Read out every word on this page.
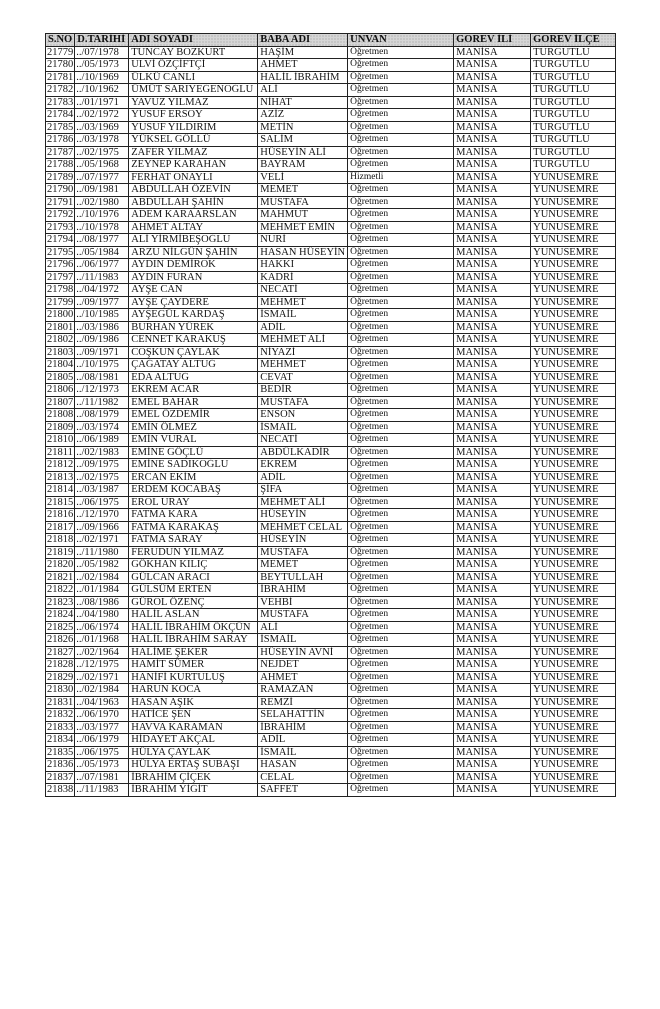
S.NO	D.TARİHİ	ADI SOYADI	BABA ADI	UNVAN	GOREV İLİ	GOREV İLÇE
21779	../07/1978	TUNCAY BOZKURT	HAŞİM	Öğretmen	MANİSA	TURGUTLU
21780	../05/1973	ULVİ ÖZÇİFTÇİ	AHMET	Öğretmen	MANİSA	TURGUTLU
21781	../10/1969	ÜLKÜ CANLI	HALİL İBRAHİM	Öğretmen	MANİSA	TURGUTLU
21782	../10/1962	ÜMÜT SARIYEĞENOĞLU	ALİ	Öğretmen	MANİSA	TURGUTLU
21783	../01/1971	YAVUZ YILMAZ	NİHAT	Öğretmen	MANİSA	TURGUTLU
21784	../02/1972	YUSUF ERSOY	AZİZ	Öğretmen	MANİSA	TURGUTLU
21785	../03/1969	YUSUF YILDIRIM	METİN	Öğretmen	MANİSA	TURGUTLU
21786	../03/1978	YÜKSEL GÖLLÜ	SALİM	Öğretmen	MANİSA	TURGUTLU
21787	../02/1975	ZAFER YILMAZ	HÜSEYİN ALİ	Öğretmen	MANİSA	TURGUTLU
21788	../05/1968	ZEYNEP KARAHAN	BAYRAM	Öğretmen	MANİSA	TURGUTLU
21789	../07/1977	FERHAT ONAYLI	VELİ	Hizmetli	MANİSA	YUNUSEMRE
21790	../09/1981	ABDULLAH ÖZEVİN	MEMET	Öğretmen	MANİSA	YUNUSEMRE
21791	../02/1980	ABDULLAH ŞAHİN	MUSTAFA	Öğretmen	MANİSA	YUNUSEMRE
21792	../10/1976	ADEM KARAARSLAN	MAHMUT	Öğretmen	MANİSA	YUNUSEMRE
21793	../10/1978	AHMET ALTAY	MEHMET EMİN	Öğretmen	MANİSA	YUNUSEMRE
21794	../08/1977	ALİ YİRMİBEŞOĞLU	NURİ	Öğretmen	MANİSA	YUNUSEMRE
21795	../05/1984	ARZU NİLGÜN ŞAHİN	HASAN HÜSEYİN	Öğretmen	MANİSA	YUNUSEMRE
21796	../06/1977	AYDIN DEMİROK	HAKKI	Öğretmen	MANİSA	YUNUSEMRE
21797	../11/1983	AYDIN FURAN	KADRİ	Öğretmen	MANİSA	YUNUSEMRE
21798	../04/1972	AYŞE CAN	NECATİ	Öğretmen	MANİSA	YUNUSEMRE
21799	../09/1977	AYŞE ÇAYDERE	MEHMET	Öğretmen	MANİSA	YUNUSEMRE
21800	../10/1985	AYŞEGÜL KARDAŞ	İSMAİL	Öğretmen	MANİSA	YUNUSEMRE
21801	../03/1986	BURHAN YÜREK	ADİL	Öğretmen	MANİSA	YUNUSEMRE
21802	../09/1986	CENNET KARAKUŞ	MEHMET ALİ	Öğretmen	MANİSA	YUNUSEMRE
21803	../09/1971	COŞKUN ÇAYLAK	NİYAZİ	Öğretmen	MANİSA	YUNUSEMRE
21804	../10/1975	ÇAĞATAY ALTUĞ	MEHMET	Öğretmen	MANİSA	YUNUSEMRE
21805	../08/1981	EDA ALTUĞ	CEVAT	Öğretmen	MANİSA	YUNUSEMRE
21806	../12/1973	EKREM ACAR	BEDİR	Öğretmen	MANİSA	YUNUSEMRE
21807	../11/1982	EMEL BAHAR	MUSTAFA	Öğretmen	MANİSA	YUNUSEMRE
21808	../08/1979	EMEL ÖZDEMİR	ENSON	Öğretmen	MANİSA	YUNUSEMRE
21809	../03/1974	EMİN ÖLMEZ	İSMAİL	Öğretmen	MANİSA	YUNUSEMRE
21810	../06/1989	EMİN VURAL	NECATİ	Öğretmen	MANİSA	YUNUSEMRE
21811	../02/1983	EMİNE GÖÇLÜ	ABDÜLKADİR	Öğretmen	MANİSA	YUNUSEMRE
21812	../09/1975	EMİNE SADIKOĞLU	EKREM	Öğretmen	MANİSA	YUNUSEMRE
21813	../02/1975	ERCAN EKİM	ADİL	Öğretmen	MANİSA	YUNUSEMRE
21814	../03/1987	ERDEM KOCABAŞ	ŞİFA	Öğretmen	MANİSA	YUNUSEMRE
21815	../06/1975	EROL URAY	MEHMET ALİ	Öğretmen	MANİSA	YUNUSEMRE
21816	../12/1970	FATMA KARA	HÜSEYİN	Öğretmen	MANİSA	YUNUSEMRE
21817	../09/1966	FATMA KARAKAŞ	MEHMET CELAL	Öğretmen	MANİSA	YUNUSEMRE
21818	../02/1971	FATMA SARAY	HÜSEYİN	Öğretmen	MANİSA	YUNUSEMRE
21819	../11/1980	FERUDUN YILMAZ	MUSTAFA	Öğretmen	MANİSA	YUNUSEMRE
21820	../05/1982	GÖKHAN KILIÇ	MEMET	Öğretmen	MANİSA	YUNUSEMRE
21821	../02/1984	GÜLCAN ARACI	BEYTULLAH	Öğretmen	MANİSA	YUNUSEMRE
21822	../01/1984	GÜLSÜM ERTEN	İBRAHİM	Öğretmen	MANİSA	YUNUSEMRE
21823	../08/1986	GÜROL ÖZENÇ	VEHBİ	Öğretmen	MANİSA	YUNUSEMRE
21824	../04/1980	HALİL ASLAN	MUSTAFA	Öğretmen	MANİSA	YUNUSEMRE
21825	../06/1974	HALİL İBRAHİM ÖKÇÜN	ALİ	Öğretmen	MANİSA	YUNUSEMRE
21826	../01/1968	HALİL İBRAHİM SARAY	İSMAİL	Öğretmen	MANİSA	YUNUSEMRE
21827	../02/1964	HALİME ŞEKER	HÜSEYİN AVNİ	Öğretmen	MANİSA	YUNUSEMRE
21828	../12/1975	HAMİT SÜMER	NEJDET	Öğretmen	MANİSA	YUNUSEMRE
21829	../02/1971	HANİFİ KURTULUŞ	AHMET	Öğretmen	MANİSA	YUNUSEMRE
21830	../02/1984	HARUN KOCA	RAMAZAN	Öğretmen	MANİSA	YUNUSEMRE
21831	../04/1963	HASAN AŞIK	REMZİ	Öğretmen	MANİSA	YUNUSEMRE
21832	../06/1970	HATİCE ŞEN	SELAHATTİN	Öğretmen	MANİSA	YUNUSEMRE
21833	../03/1977	HAVVA KARAMAN	İBRAHİM	Öğretmen	MANİSA	YUNUSEMRE
21834	../06/1979	HİDAYET AKÇAL	ADİL	Öğretmen	MANİSA	YUNUSEMRE
21835	../06/1975	HÜLYA ÇAYLAK	İSMAİL	Öğretmen	MANİSA	YUNUSEMRE
21836	../05/1973	HÜLYA ERTAŞ SUBAŞI	HASAN	Öğretmen	MANİSA	YUNUSEMRE
21837	../07/1981	İBRAHİM ÇİÇEK	CELAL	Öğretmen	MANİSA	YUNUSEMRE
21838	../11/1983	İBRAHİM YİĞİT	SAFFET	Öğretmen	MANİSA	YUNUSEMRE
